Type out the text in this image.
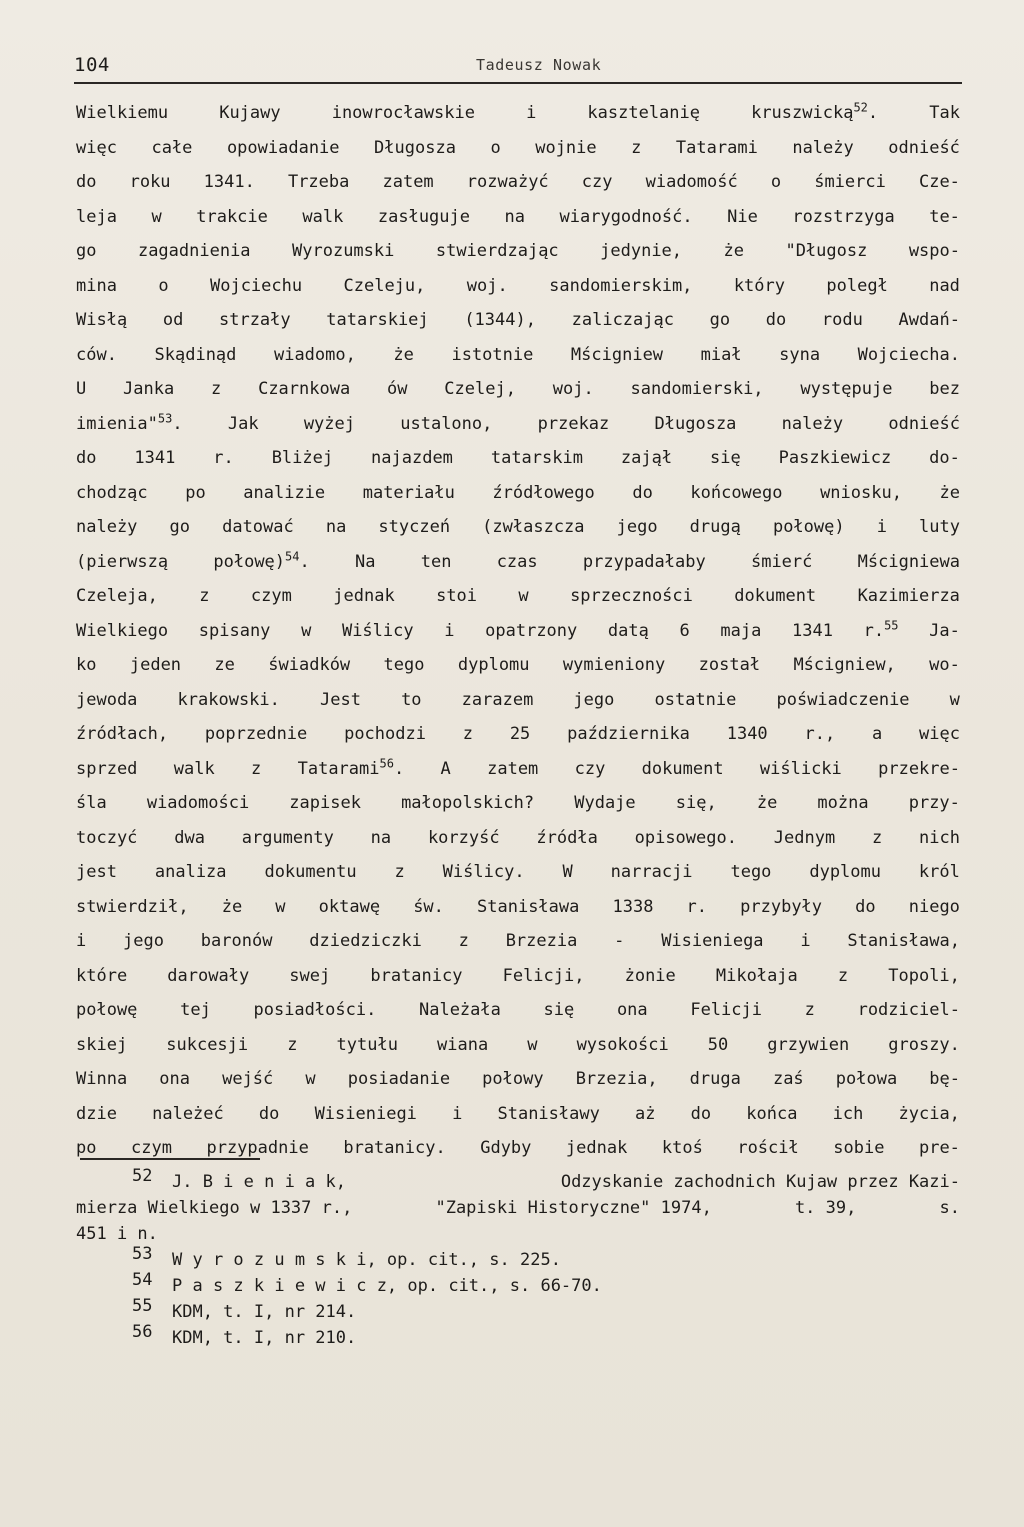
104	Tadeusz Nowak
Wielkiemu	Kujawy	inowrocławskie	i	kasztelanię	kruszwicką$^{52}$.	Tak
więc całe opowiadanie Długosza o wojnie z Tatarami należy odnieść
do roku 1341. Trzeba zatem rozważyć czy wiadomość o śmierci Cze-
leja w trakcie walk zasługuje na wiarygodność. Nie rozstrzyga te-
go zagadnienia Wyrozumski stwierdzając jedynie, że "Długosz wspo-
mina o Wojciechu Czeleju, woj. sandomierskim, który poległ nad
Wisłą od strzały tatarskiej (1344), zaliczając go do rodu Awdań-
ców. Skądinąd wiadomo, że istotnie Mścigniew miał syna Wojciecha.
U Janka z Czarnkowa ów Czelej, woj. sandomierski, występuje bez
imienia"$^{53}$.	Jak	wyżej	ustalono,	przekaz	Długosza	należy	odnieść
do 1341 r. Bliżej najazdem tatarskim zajął się Paszkiewicz do-
chodząc po analizie materiału źródłowego do końcowego wniosku, że
należy go datować na styczeń (zwłaszcza jego drugą połowę) i luty
(pierwszą	połowę)$^{54}$.	Na	ten	czas	przypadałaby	śmierć	Mścigniewa
Czeleja, z czym jednak stoi w sprzeczności dokument Kazimierza
Wielkiego spisany w Wiślicy i opatrzony datą 6 maja 1341 r.$^{55}$ Ja-
ko jeden ze świadków tego dyplomu wymieniony został Mścigniew, wo-
jewoda krakowski. Jest to zarazem jego ostatnie poświadczenie w
źródłach, poprzednie pochodzi z 25 października 1340 r., a więc
sprzed walk z Tatarami$^{56}$. A zatem czy dokument wiślicki przekre-
śla wiadomości zapisek małopolskich? Wydaje się, że można przy-
toczyć dwa argumenty na korzyść źródła opisowego. Jednym z nich
jest analiza dokumentu z Wiślicy. W narracji tego dyplomu król
stwierdził, że w oktawę św. Stanisława 1338 r. przybyły do niego
i jego baronów dziedziczki z Brzezia - Wisieniega i Stanisława,
które darowały swej bratanicy Felicji, żonie Mikołaja z Topoli,
połowę	tej	posiadłości.	Należała	się	ona	Felicji	z	rodziciel-
skiej sukcesji z tytułu wiana w wysokości 50 grzywien groszy.
Winna ona wejść w posiadanie połowy Brzezia, druga zaś połowa bę-
dzie należeć do Wisieniegi i Stanisławy aż do końca ich życia,
po czym przypadnie bratanicy. Gdyby jednak ktoś rościł sobie pre-
52 J. B i e n i a k,	Odzyskanie zachodnich Kujaw przez Kazi-
mierza Wielkiego w 1337 r.,	"Zapiski Historyczne" 1974,	t. 39,	s.
451 i n.
53 W y r o z u m s k i, op. cit., s. 225.
54 P a s z k i e w i c z, op. cit., s. 66-70.
55 KDM, t. I, nr 214.
56 KDM, t. I, nr 210.
